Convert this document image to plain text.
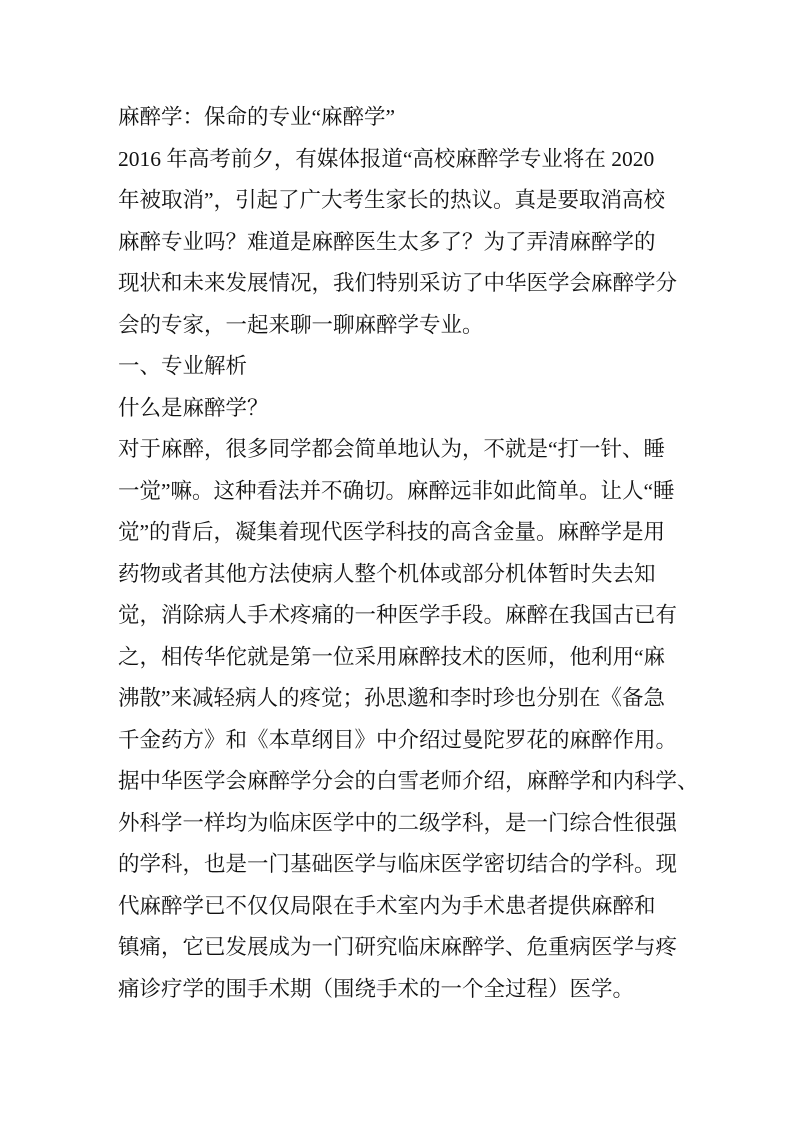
麻醉学：保命的专业“麻醉学”
2016 年高考前夕，有媒体报道“高校麻醉学专业将在 2020
年被取消”，引起了广大考生家长的热议。真是要取消高校
麻醉专业吗？难道是麻醉医生太多了？为了弄清麻醉学的
现状和未来发展情况，我们特别采访了中华医学会麻醉学分
会的专家，一起来聊一聊麻醉学专业。
一、专业解析
什么是麻醉学？
对于麻醉，很多同学都会简单地认为，不就是“打一针、睡
一觉”嘛。这种看法并不确切。麻醉远非如此简单。让人“睡
觉”的背后，凝集着现代医学科技的高含金量。麻醉学是用
药物或者其他方法使病人整个机体或部分机体暂时失去知
觉，消除病人手术疼痛的一种医学手段。麻醉在我国古已有
之，相传华佗就是第一位采用麻醉技术的医师，他利用“麻
沸散”来减轻病人的疼觉；孙思邈和李时珍也分别在《备急
千金药方》和《本草纲目》中介绍过曼陀罗花的麻醉作用。
据中华医学会麻醉学分会的白雪老师介绍，麻醉学和内科学、
外科学一样均为临床医学中的二级学科，是一门综合性很强
的学科，也是一门基础医学与临床医学密切结合的学科。现
代麻醉学已不仅仅局限在手术室内为手术患者提供麻醉和
镇痛，它已发展成为一门研究临床麻醉学、危重病医学与疼
痛诊疗学的围手术期（围绕手术的一个全过程）医学。
